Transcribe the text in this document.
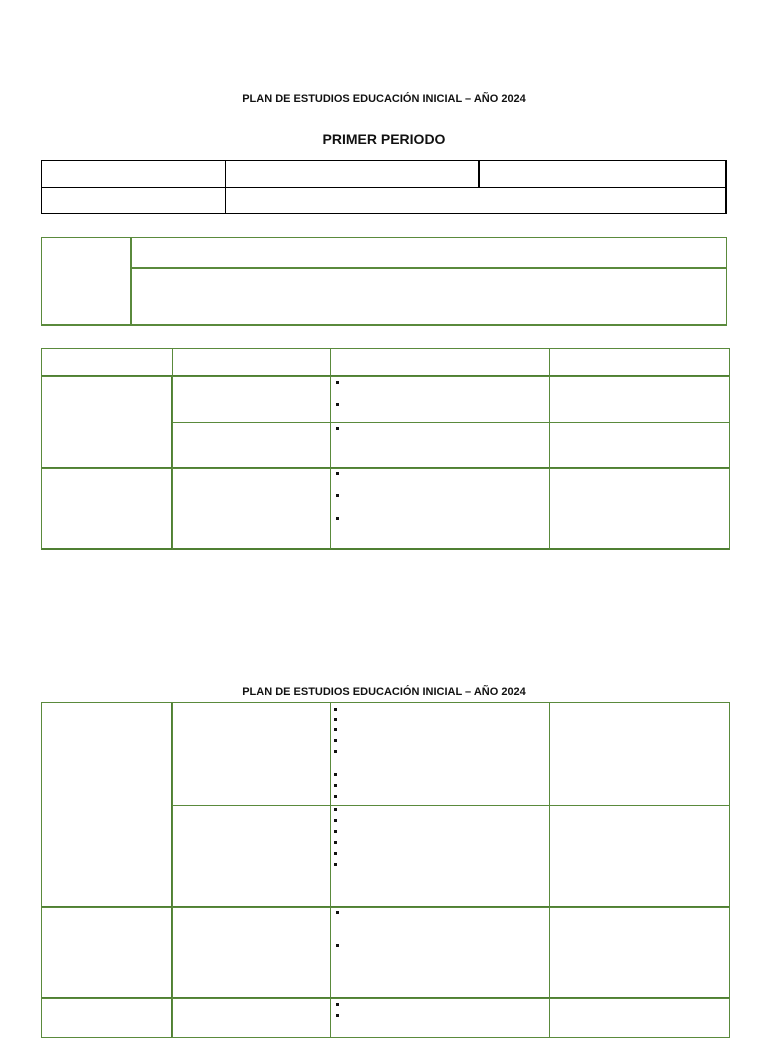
PLAN DE ESTUDIOS EDUCACIÓN INICIAL – AÑO 2024
PRIMER PERIODO
PLAN DE ESTUDIOS EDUCACIÓN INICIAL – AÑO 2024
